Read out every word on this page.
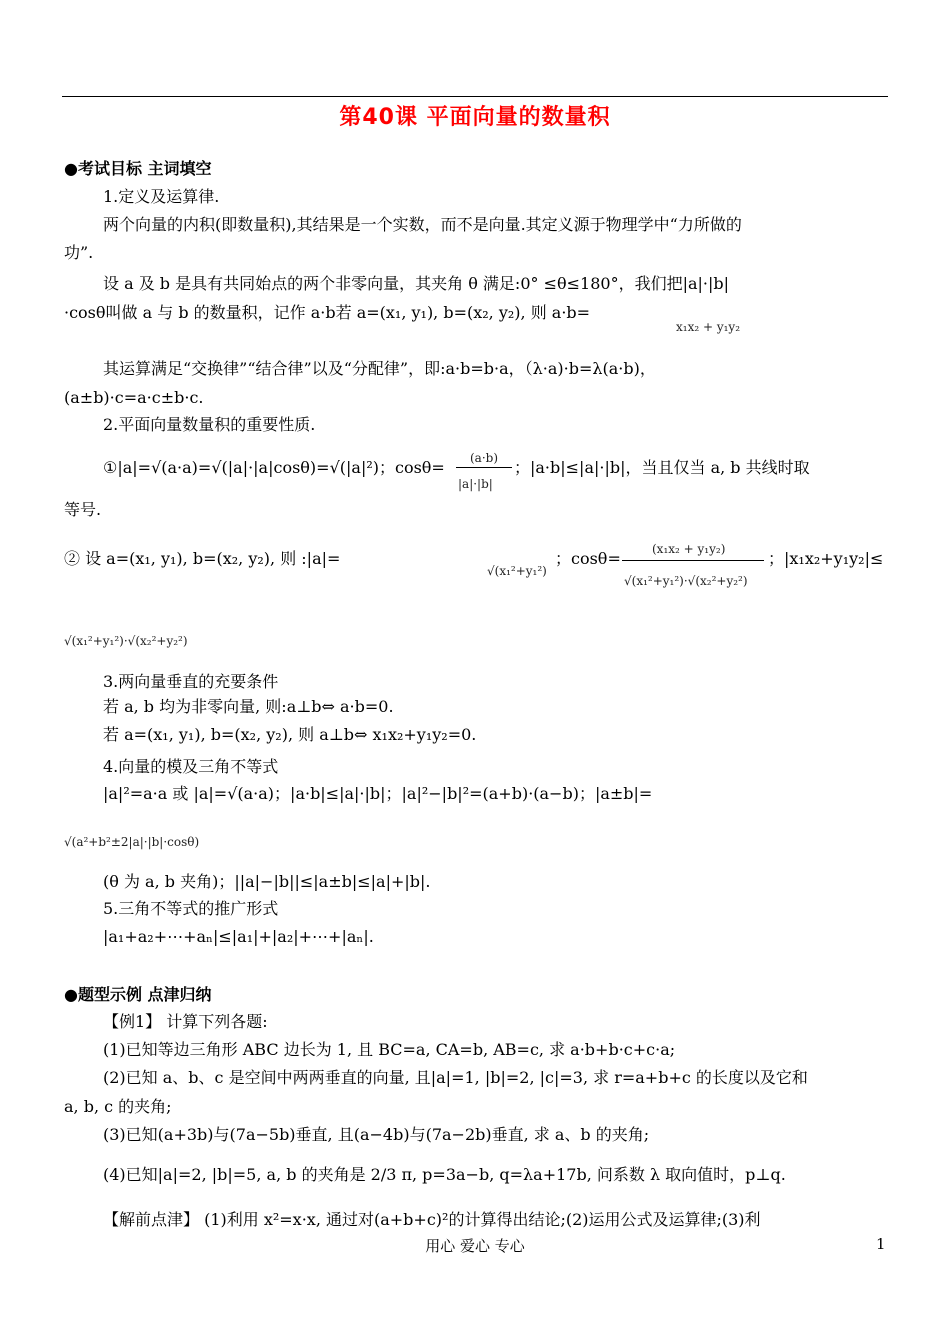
第40课 平面向量的数量积
●考试目标 主词填空
1.定义及运算律.
两个向量的内积(即数量积),其结果是一个实数，而不是向量.其定义源于物理学中“力所做的
功”.
设 a 及 b 是具有共同始点的两个非零向量，其夹角 θ 满足:0° ≤θ≤180°，我们把|a|·|b|
·cosθ叫做 a 与 b 的数量积，记作 a·b若 a=(x₁, y₁), b=(x₂, y₂), 则 a·b=
x₁x₂ + y₁y₂
其运算满足“交换律”“结合律”以及“分配律”，即:a·b=b·a，（λ·a)·b=λ(a·b)，
(a±b)·c=a·c±b·c.
2.平面向量数量积的重要性质.
①|a|=√(a·a)=√(|a|·|a|cosθ)=√(|a|²)；cosθ= (a·b)
|a|·|b|
；|a·b|≤|a|·|b|，当且仅当 a, b 共线时取
等号.
② 设 a=(x₁, y₁), b=(x₂, y₂), 则 :|a|=
√(x₁²+y₁²)
；cosθ=	(x₁x₂ + y₁y₂)
√(x₁²+y₁²)·√(x₂²+y₂²)
；|x₁x₂+y₁y₂|≤
√(x₁²+y₁²)·√(x₂²+y₂²)
3.两向量垂直的充要条件
若 a, b 均为非零向量, 则:a⊥b⇔ a·b=0.
若 a=(x₁, y₁), b=(x₂, y₂), 则 a⊥b⇔ x₁x₂+y₁y₂=0.
4.向量的模及三角不等式
|a|²=a·a 或 |a|=√(a·a)；|a·b|≤|a|·|b|；|a|²−|b|²=(a+b)·(a−b)；|a±b|=
√(a²+b²±2|a|·|b|·cosθ)
(θ 为 a, b 夹角)；||a|−|b||≤|a±b|≤|a|+|b|.
5.三角不等式的推广形式
|a₁+a₂+⋯+aₙ|≤|a₁|+|a₂|+⋯+|aₙ|.
●题型示例 点津归纳
【例1】 计算下列各题:
(1)已知等边三角形 ABC 边长为 1, 且 BC=a, CA=b, AB=c, 求 a·b+b·c+c·a;
(2)已知 a、b、c 是空间中两两垂直的向量, 且|a|=1, |b|=2, |c|=3, 求 r=a+b+c 的长度以及它和
a, b, c 的夹角;
(3)已知(a+3b)与(7a−5b)垂直, 且(a−4b)与(7a−2b)垂直, 求 a、b 的夹角;
(4)已知|a|=2, |b|=5, a, b 的夹角是 2/3 π, p=3a−b, q=λa+17b, 问系数 λ 取向值时，p⊥q.
【解前点津】 (1)利用 x²=x·x, 通过对(a+b+c)²的计算得出结论;(2)运用公式及运算律;(3)利
用心 爱心 专心	1
